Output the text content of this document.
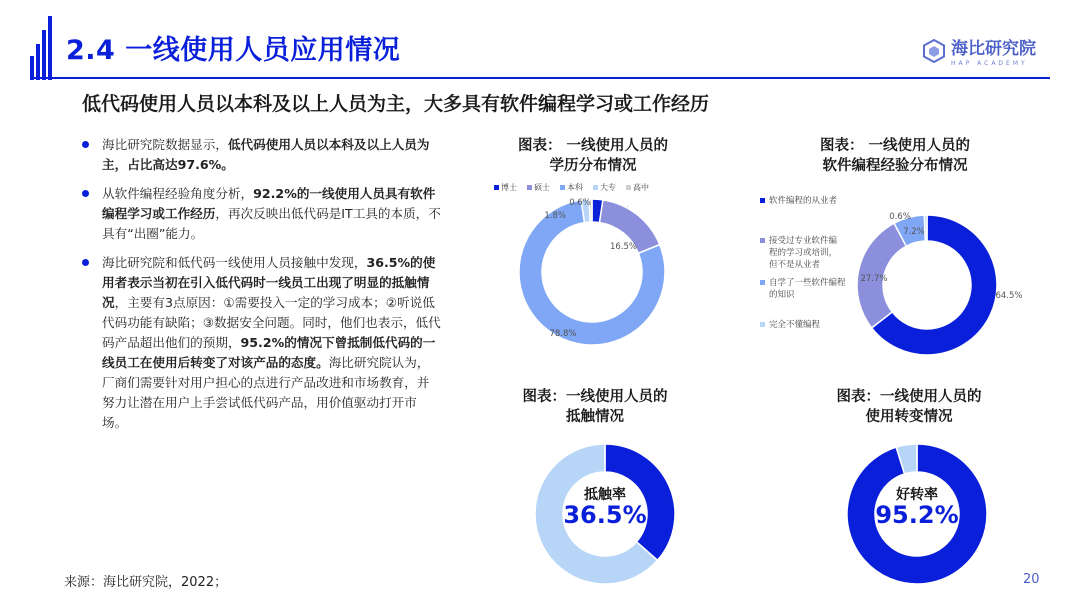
2.4 一线使用人员应用情况	海比研究院
HAP ACADEMY
低代码使用人员以本科及以上人员为主，大多具有软件编程学习或工作经历
海比研究院数据显示，低代码使用人员以本科及以上人员为主，占比高达97.6%。
从软件编程经验角度分析，92.2%的一线使用人员具有软件编程学习或工作经历，再次反映出低代码是IT工具的本质，不具有“出圈”能力。
海比研究院和低代码一线使用人员接触中发现，36.5%的使用者表示当初在引入低代码时一线员工出现了明显的抵触情况，主要有3点原因：①需要投入一定的学习成本；②听说低代码功能有缺陷；③数据安全问题。同时，他们也表示，低代码产品超出他们的预期，95.2%的情况下曾抵制低代码的一线员工在使用后转变了对该产品的态度。海比研究院认为，厂商们需要针对用户担心的点进行产品改进和市场教育，并努力让潜在用户上手尝试低代码产品，用价值驱动打开市场。
图表： 一线使用人员的
学历分布情况
博士	硕士	本科	大专	高中
16.5%
78.8%
1.8%
0.6%
图表： 一线使用人员的
软件编程经验分布情况
软件编程的从业者
接受过专业软件编
程的学习或培训，
但不是从业者
自学了一些软件编程
的知识
完全不懂编程
64.5%
27.7%
7.2%
0.6%
图表：一线使用人员的
抵触情况
抵触率
36.5%
图表：一线使用人员的
使用转变情况
好转率
95.2%
来源：海比研究院，2022；	20
